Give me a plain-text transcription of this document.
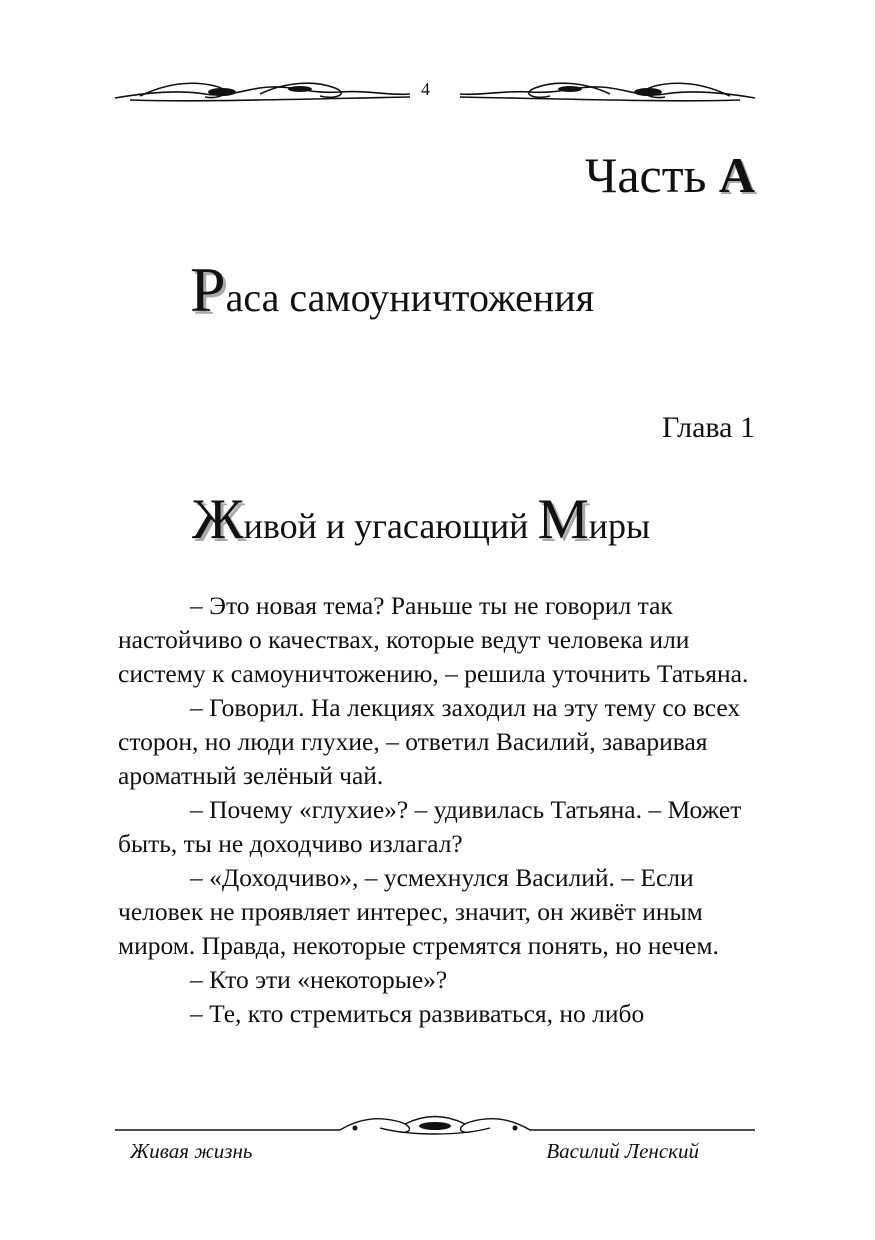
4
Часть А
Раса самоуничтожения
Глава 1
Живой и угасающий Миры

– Это новая тема? Раньше ты не говорил так настойчиво о качествах, которые ведут человека или систему к самоуничтожению, – решила уточнить Татьяна.

– Говорил. На лекциях заходил на эту тему со всех сторон, но люди глухие, – ответил Василий, заваривая ароматный зелёный чай.

– Почему «глухие»? – удивилась Татьяна. – Может быть, ты не доходчиво излагал?

– «Доходчиво», – усмехнулся Василий. – Если человек не проявляет интерес, значит, он живёт иным миром. Правда, некоторые стремятся понять, но нечем.

– Кто эти «некоторые»?

– Те, кто стремиться развиваться, но либо

Живая жизнь	Василий Ленский
